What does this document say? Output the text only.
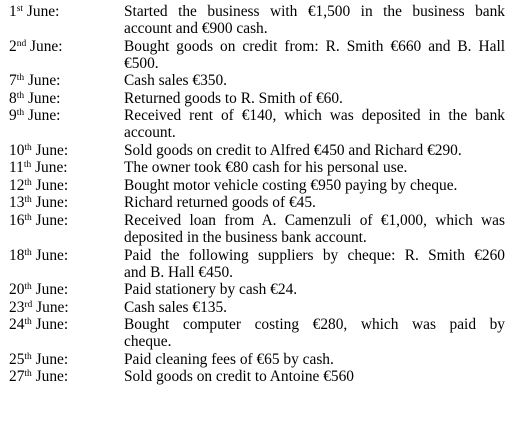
1st June:	Started the business with €1,500 in the business bank
account and €900 cash.
2nd June:	Bought goods on credit from: R. Smith €660 and B. Hall
€500.
7th June:	Cash sales €350.
8th June:	Returned goods to R. Smith of €60.
9th June:	Received rent of €140, which was deposited in the bank
account.
10th June:	Sold goods on credit to Alfred €450 and Richard €290.
11th June:	The owner took €80 cash for his personal use.
12th June:	Bought motor vehicle costing €950 paying by cheque.
13th June:	Richard returned goods of €45.
16th June:	Received loan from A. Camenzuli of €1,000, which was
deposited in the business bank account.
18th June:	Paid the following suppliers by cheque: R. Smith €260
and B. Hall €450.
20th June:	Paid stationery by cash €24.
23rd June:	Cash sales €135.
24th June:	Bought computer costing €280, which was paid by
cheque.
25th June:	Paid cleaning fees of €65 by cash.
27th June:	Sold goods on credit to Antoine €560
